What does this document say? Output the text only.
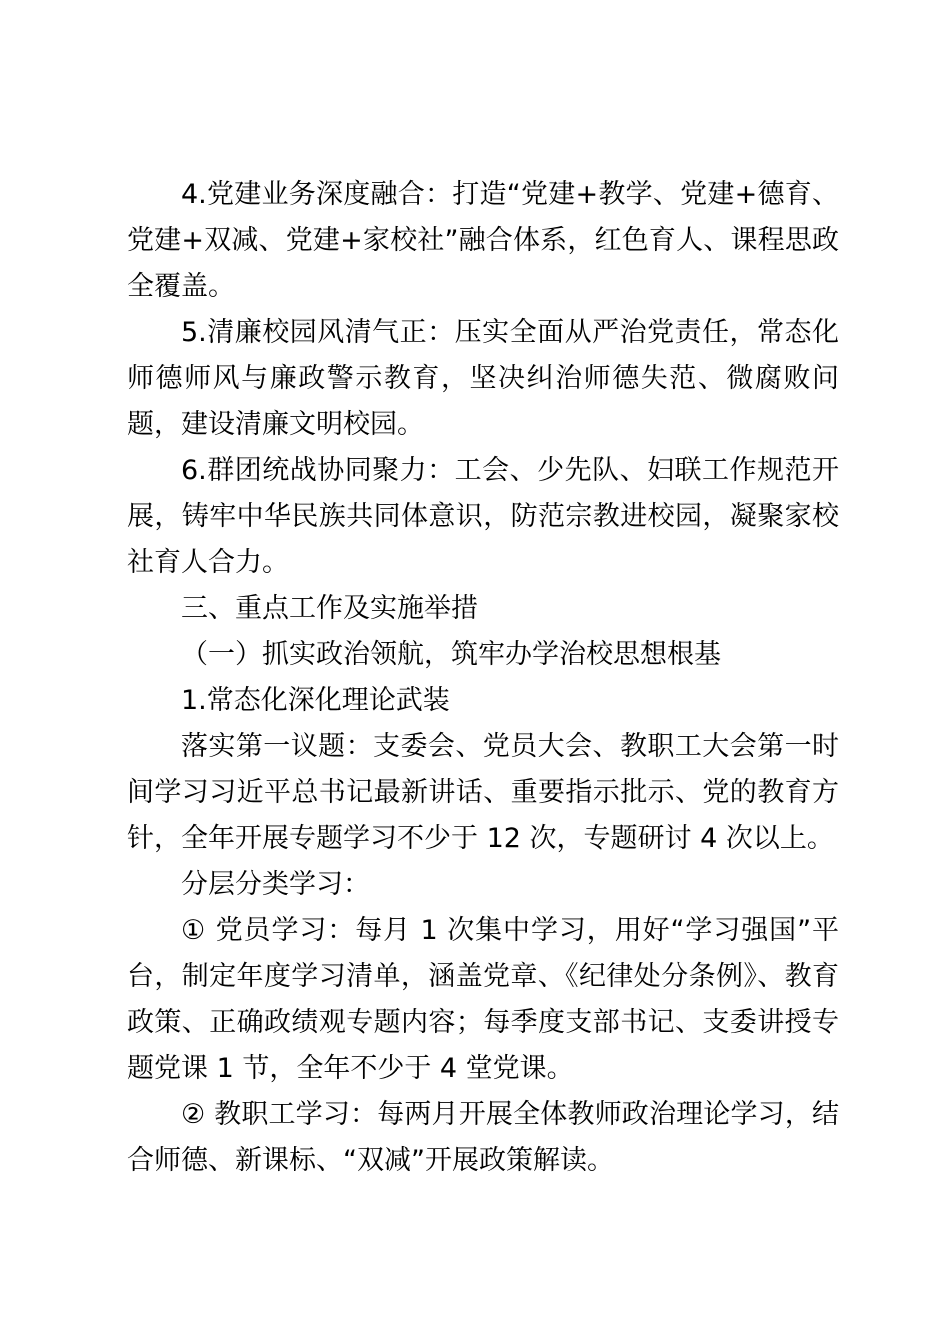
4.党建业务深度融合：打造“党建+教学、党建+德育、党建+双减、党建+家校社”融合体系，红色育人、课程思政全覆盖。

5.清廉校园风清气正：压实全面从严治党责任，常态化师德师风与廉政警示教育，坚决纠治师德失范、微腐败问题，建设清廉文明校园。

6.群团统战协同聚力：工会、少先队、妇联工作规范开展，铸牢中华民族共同体意识，防范宗教进校园，凝聚家校社育人合力。

三、重点工作及实施举措

（一）抓实政治领航，筑牢办学治校思想根基

1.常态化深化理论武装

落实第一议题：支委会、党员大会、教职工大会第一时间学习习近平总书记最新讲话、重要指示批示、党的教育方针，全年开展专题学习不少于 12 次，专题研讨 4 次以上。

分层分类学习：

① 党员学习：每月 1 次集中学习，用好“学习强国”平台，制定年度学习清单，涵盖党章、《纪律处分条例》、教育政策、正确政绩观专题内容；每季度支部书记、支委讲授专题党课 1 节，全年不少于 4 堂党课。

② 教职工学习：每两月开展全体教师政治理论学习，结合师德、新课标、“双减”开展政策解读。
